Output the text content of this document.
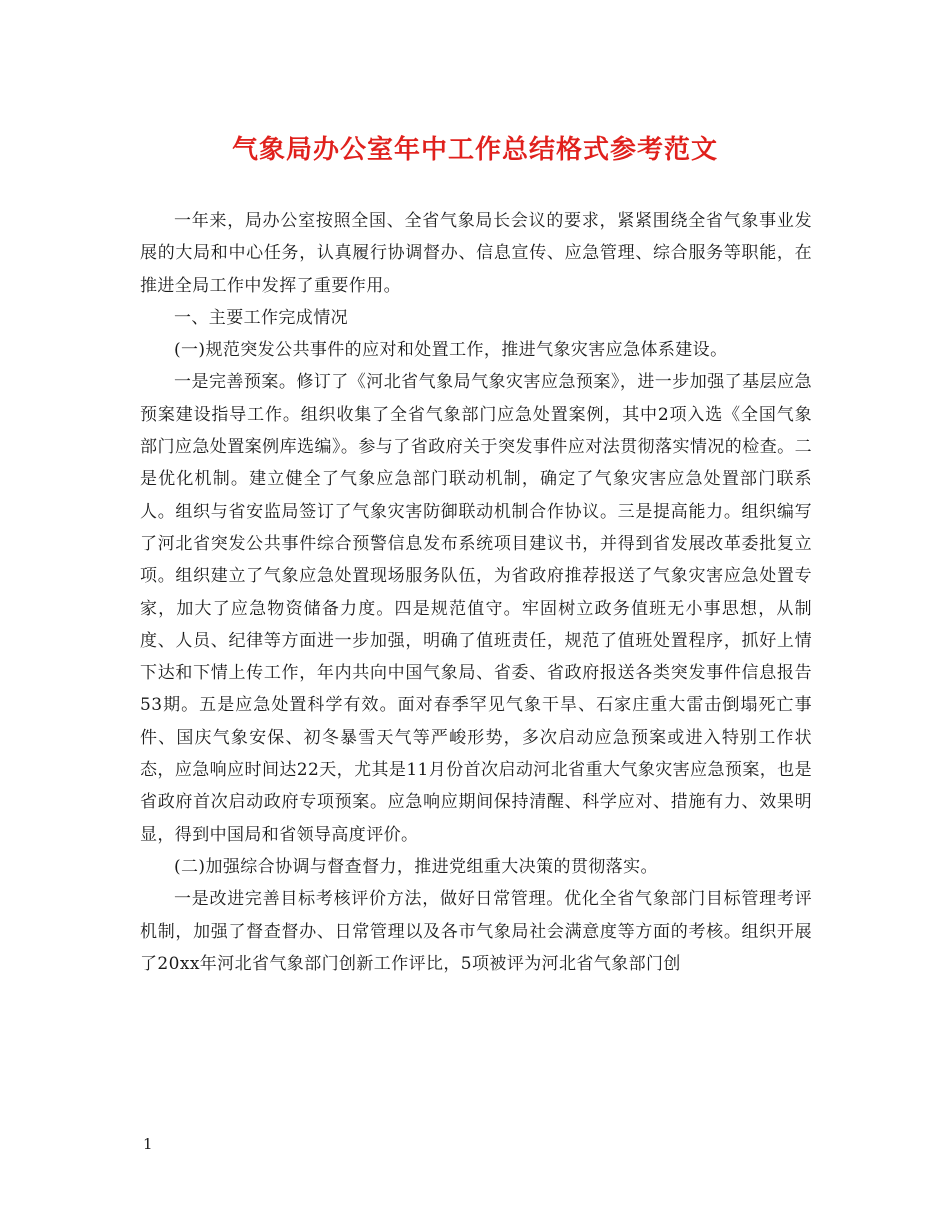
气象局办公室年中工作总结格式参考范文

一年来，局办公室按照全国、全省气象局长会议的要求，紧紧围绕全省气象事业发展的大局和中心任务，认真履行协调督办、信息宣传、应急管理、综合服务等职能，在推进全局工作中发挥了重要作用。

一、主要工作完成情况

(一)规范突发公共事件的应对和处置工作，推进气象灾害应急体系建设。

一是完善预案。修订了《河北省气象局气象灾害应急预案》，进一步加强了基层应急预案建设指导工作。组织收集了全省气象部门应急处置案例，其中2项入选《全国气象部门应急处置案例库选编》。参与了省政府关于突发事件应对法贯彻落实情况的检查。二是优化机制。建立健全了气象应急部门联动机制，确定了气象灾害应急处置部门联系人。组织与省安监局签订了气象灾害防御联动机制合作协议。三是提高能力。组织编写了河北省突发公共事件综合预警信息发布系统项目建议书，并得到省发展改革委批复立项。组织建立了气象应急处置现场服务队伍，为省政府推荐报送了气象灾害应急处置专家，加大了应急物资储备力度。四是规范值守。牢固树立政务值班无小事思想，从制度、人员、纪律等方面进一步加强，明确了值班责任，规范了值班处置程序，抓好上情下达和下情上传工作，年内共向中国气象局、省委、省政府报送各类突发事件信息报告53期。五是应急处置科学有效。面对春季罕见气象干旱、石家庄重大雷击倒塌死亡事件、国庆气象安保、初冬暴雪天气等严峻形势，多次启动应急预案或进入特别工作状态，应急响应时间达22天，尤其是11月份首次启动河北省重大气象灾害应急预案，也是省政府首次启动政府专项预案。应急响应期间保持清醒、科学应对、措施有力、效果明显，得到中国局和省领导高度评价。

(二)加强综合协调与督查督力，推进党组重大决策的贯彻落实。

一是改进完善目标考核评价方法，做好日常管理。优化全省气象部门目标管理考评机制，加强了督查督办、日常管理以及各市气象局社会满意度等方面的考核。组织开展了20xx年河北省气象部门创新工作评比，5项被评为河北省气象部门创

1
